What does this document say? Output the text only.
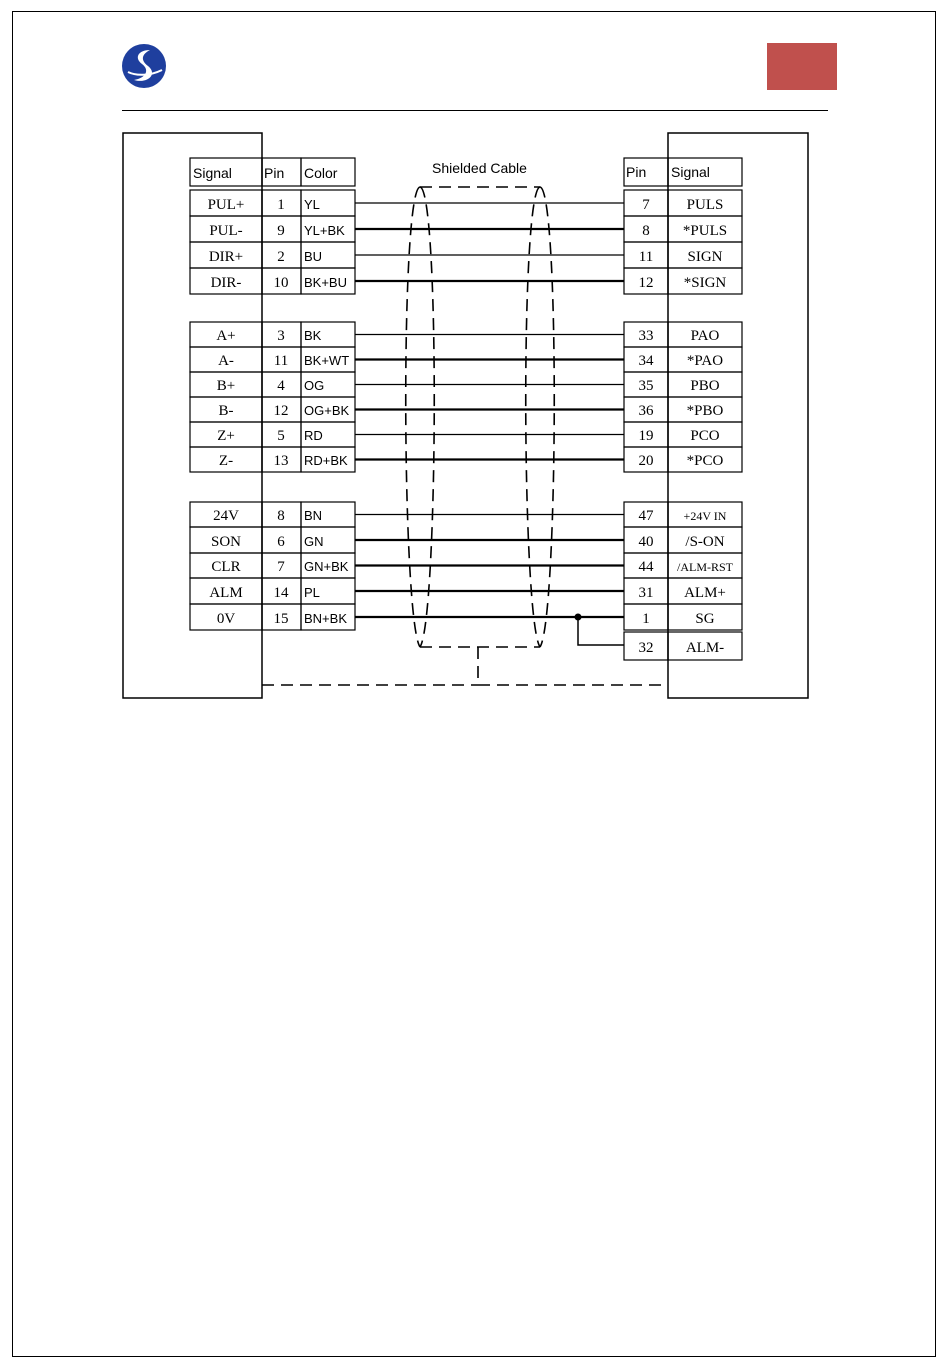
Shielded Cable
Signal Pin Color	Pin Signal
PUL+ 1 YL	7 PULS
PUL- 9 YL+BK	8 *PULS
DIR+ 2 BU	11 SIGN
DIR- 10 BK+BU	12 *SIGN
A+	3 BK	33 PAO
A-	11 BK+WT	34 *PAO
B+	4 OG	35 PBO
B-	12 OG+BK	36 *PBO
Z+	5 RD	19 PCO
Z-	13 RD+BK	20 *PCO
24V	8 BN	47	+24V IN
SON 6 GN	40 /S-ON
CLR 7 GN+BK	44 /ALM-RST
ALM 14 PL	31 ALM+
0V	15 BN+BK	1	SG
32 ALM-
